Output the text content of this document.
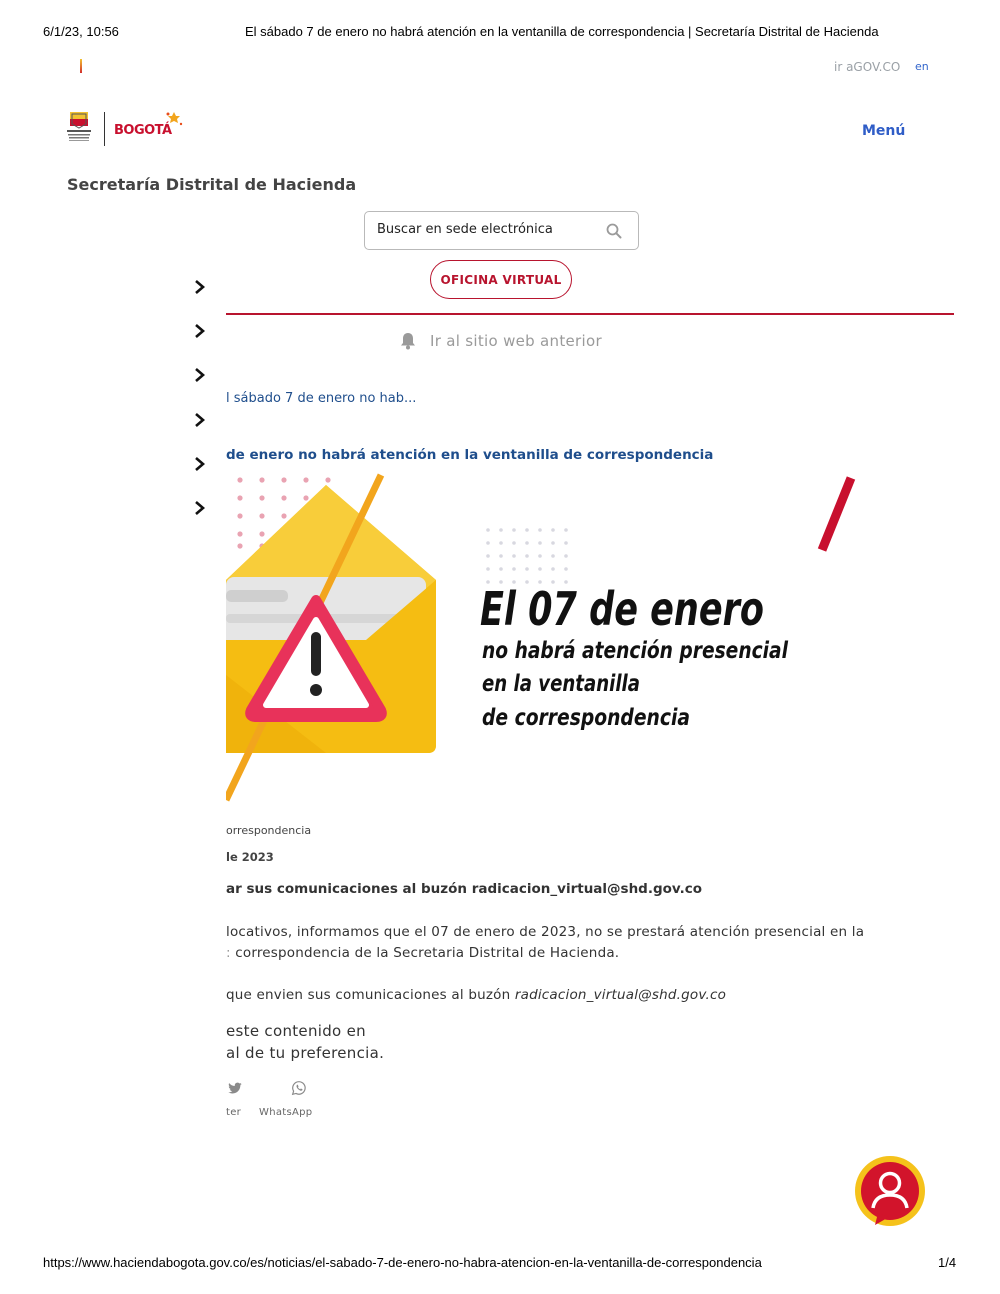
6/1/23, 10:56	El sábado 7 de enero no habrá atención en la ventanilla de correspondencia | Secretaría Distrital de Hacienda
ir aGOV.CO en
BOGOTÁ	Menú
Secretaría Distrital de Hacienda
Buscar en sede electrónica
OFICINA VIRTUAL
Ir al sitio web anterior
l sábado 7 de enero no hab...
de enero no habrá atención en la ventanilla de correspondencia
El 07 de enero
no habrá atención presencial
en la ventanilla
de correspondencia
orrespondencia
le 2023
ar sus comunicaciones al buzón radicacion_virtual@shd.gov.co
locativos, informamos que el 07 de enero de 2023, no se prestará atención presencial en la
: correspondencia de la Secretaria Distrital de Hacienda.
que envien sus comunicaciones al buzón radicacion_virtual@shd.gov.co
este contenido en
al de tu preferencia.
ter WhatsApp
https://www.haciendabogota.gov.co/es/noticias/el-sabado-7-de-enero-no-habra-atencion-en-la-ventanilla-de-correspondencia	1/4
